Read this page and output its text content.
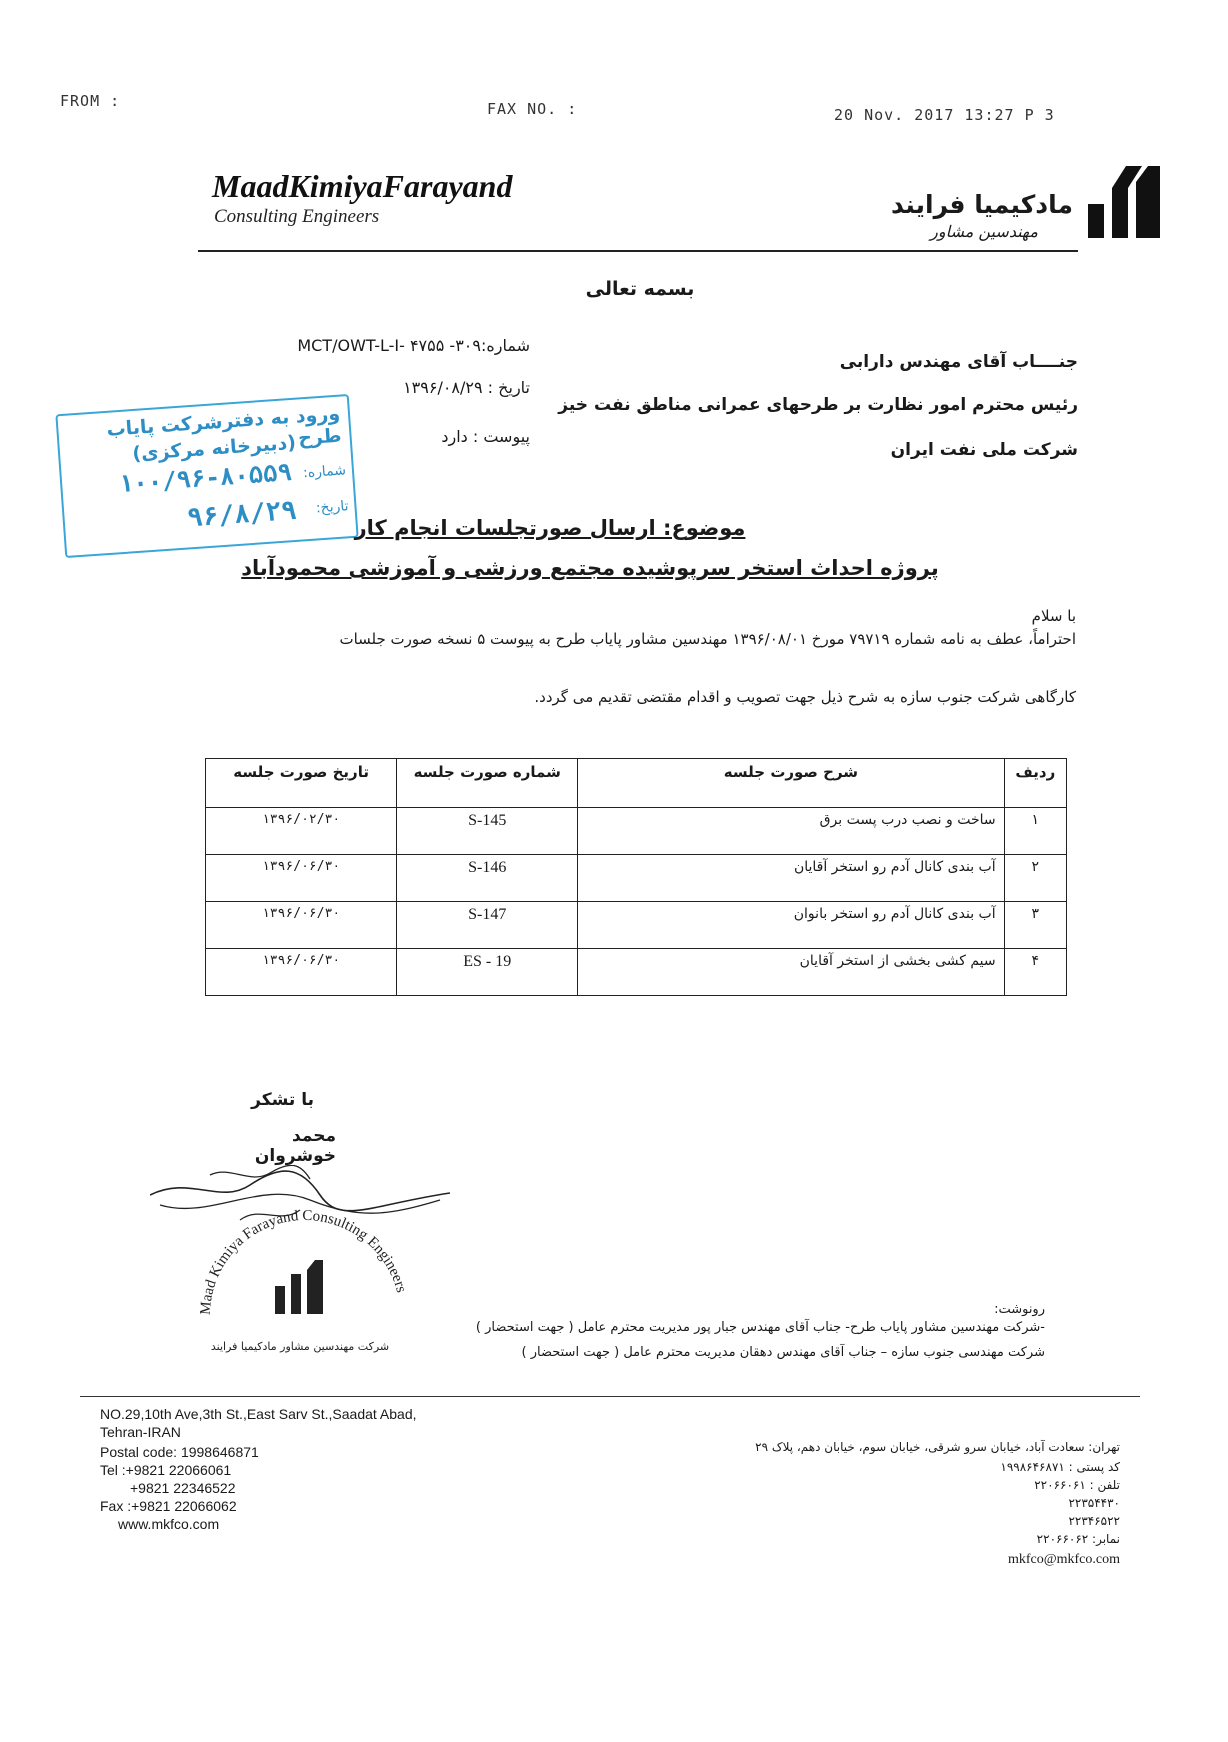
FROM :	FAX NO. :	20 Nov. 2017 13:27 P 3
MaadKimiyaFarayand
Consulting Engineers	مادکیمیا فرایند
مهندسین مشاور
بسمه تعالی
شماره:۳۰۹- MCT/OWT-L-I- ۴۷۵۵
تاریخ : ۱۳۹۶/۰۸/۲۹
پیوست : دارد
جنــــاب آقای مهندس دارابی
رئیس محترم امور نظارت بر طرحهای عمرانی مناطق نفت خیز
شرکت ملی نفت ایران
ورود به دفترشرکت پایاب طرح
(دبیرخانه مرکزی)
شماره:
۱۰۰/۹۶-۸۰۵۵۹
تاریخ:
۹۶/۸/۲۹	موضوع: ارسال صورتجلسات انجام کار
پروژه احداث استخر سرپوشیده مجتمع ورزشی و آموزشی محمودآباد
با سلام
احتراماً، عطف به نامه شماره ۷۹۷۱۹ مورخ ۱۳۹۶/۰۸/۰۱ مهندسین مشاور پایاب طرح به پیوست ۵ نسخه صورت جلسات
کارگاهی شرکت جنوب سازه به شرح ذیل جهت تصویب و اقدام مقتضی تقدیم می گردد.
ردیف	شرح صورت جلسه	شماره صورت جلسه	تاریخ صورت جلسه
۱	ساخت و نصب درب پست برق	S-145	۱۳۹۶/۰۲/۳۰
۲	آب بندی کانال آدم رو استخر آقایان	S-146	۱۳۹۶/۰۶/۳۰
۳	آب بندی کانال آدم رو استخر بانوان	S-147	۱۳۹۶/۰۶/۳۰
۴	سیم کشی بخشی از استخر آقایان	ES - 19	۱۳۹۶/۰۶/۳۰
با تشکر
محمد خوشروان
Maad Kimiya Farayand Consulting Engineers
شرکت مهندسین مشاور مادکیمیا فرایند
رونوشت:
-شرکت مهندسین مشاور پایاب طرح- جناب آقای مهندس جبار پور مدیریت محترم عامل ( جهت استحضار )
شرکت مهندسی جنوب سازه – جناب آقای مهندس دهقان مدیریت محترم عامل ( جهت استحضار )
NO.29,10th Ave,3th St.,East Sarv St.,Saadat Abad,
Tehran-IRAN
Postal code: 1998646871
Tel :+9821 22066061
+9821 22346522
Fax :+9821 22066062
www.mkfco.com
تهران: سعادت آباد، خیابان سرو شرقی، خیابان سوم، خیابان دهم، پلاک ۲۹
کد پستی : ۱۹۹۸۶۴۶۸۷۱
تلفن : ۲۲۰۶۶۰۶۱
۲۲۳۵۴۴۳۰
۲۲۳۴۶۵۲۲
نمابر: ۲۲۰۶۶۰۶۲
mkfco@mkfco.com
